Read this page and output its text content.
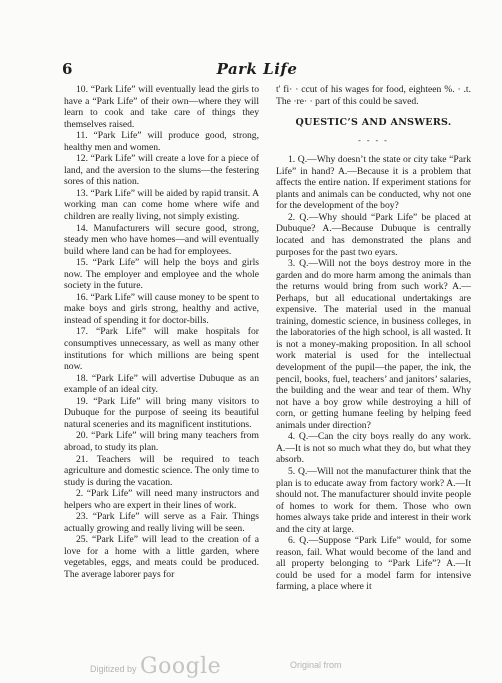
6	Park Life

10. “Park Life” will eventually lead the girls to have a “Park Life” of their own—where they will learn to cook and take care of things they themselves raised.

11. “Park Life” will produce good, strong, healthy men and women.

12. “Park Life” will create a love for a piece of land, and the aversion to the slums—the festering sores of this nation.

13. “Park Life” will be aided by rapid transit. A working man can come home where wife and children are really living, not simply existing.

14. Manufacturers will secure good, strong, steady men who have homes—and will eventually build where land can be had for employees.

15. “Park Life” will help the boys and girls now. The employer and employee and the whole society in the future.

16. “Park Life” will cause money to be spent to make boys and girls strong, healthy and active, instead of spending it for doctor-bills.

17. “Park Life” will make hospitals for consumptives unnecessary, as well as many other institutions for which millions are being spent now.

18. “Park Life” will advertise Dubuque as an example of an ideal city.

19. “Park Life” will bring many visitors to Dubuque for the purpose of seeing its beautiful natural sceneries and its magnificent institutions.

20. “Park Life” will bring many teachers from abroad, to study its plan.

21. Teachers will be required to teach agriculture and domestic science. The only time to study is during the vacation.

2. “Park Life” will need many instructors and helpers who are expert in their lines of work.

23. “Park Life” will serve as a Fair. Things actually growing and really living will be seen.

25. “Park Life” will lead to the creation of a love for a home with a little garden, where vegetables, eggs, and meats could be produced. The average laborer pays for

t' fi· · ccut of his wages for food, eighteen %. · .t. The ·re· · part of this could be saved.

QUESTIC’S AND ANSWERS.
- - - -

1. Q.—Why doesn’t the state or city take “Park Life” in hand? A.—Because it is a problem that affects the entire nation. If experiment stations for plants and animals can be conducted, why not one for the development of the boy?

2. Q.—Why should “Park Life” be placed at Dubuque? A.—Because Dubuque is centrally located and has demonstrated the plans and purposes for the past two eyars.

3. Q.—Will not the boys destroy more in the garden and do more harm among the animals than the returns would bring from such work? A.—Perhaps, but all educational undertakings are expensive. The material used in the manual training, domestic science, in business colleges, in the laboratories of the high school, is all wasted. It is not a money-making proposition. In all school work material is used for the intellectual development of the pupil—the paper, the ink, the pencil, books, fuel, teachers’ and janitors’ salaries, the building and the wear and tear of them. Why not have a boy grow while destroying a hill of corn, or getting humane feeling by helping feed animals under direction?

4. Q.—Can the city boys really do any work. A.—It is not so much what they do, but what they absorb.

5. Q.—Will not the manufacturer think that the plan is to educate away from factory work? A.—It should not. The manufacturer should invite people of homes to work for them. Those who own homes always take pride and interest in their work and the city at large.

6. Q.—Suppose “Park Life” would, for some reason, fail. What would become of the land and all property belonging to “Park Life”? A.—It could be used for a model farm for intensive farming, a place where it

Digitized by Google	Original from
